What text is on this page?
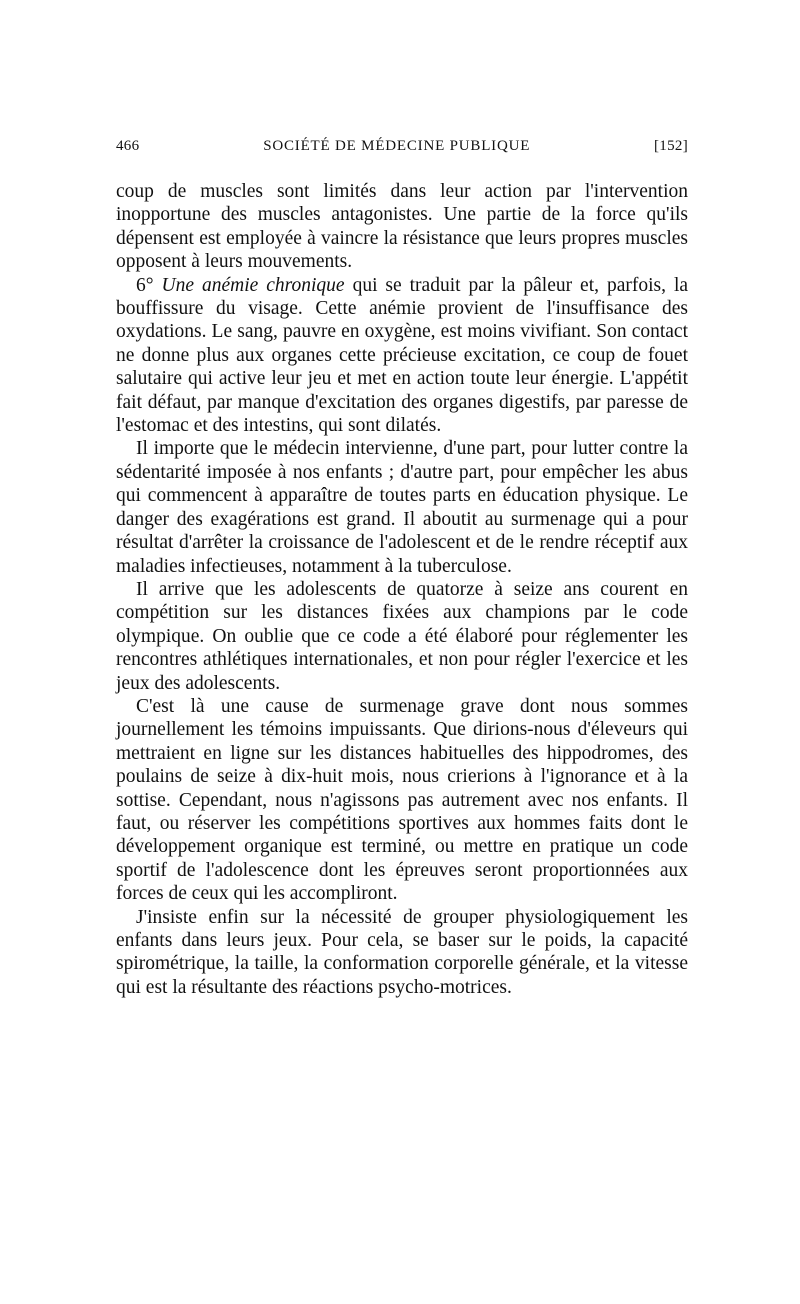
466	SOCIÉTÉ DE MÉDECINE PUBLIQUE	[152]

coup de muscles sont limités dans leur action par l'intervention inopportune des muscles antagonistes. Une partie de la force qu'ils dépensent est employée à vaincre la résistance que leurs propres muscles opposent à leurs mouvements.

6° Une anémie chronique qui se traduit par la pâleur et, parfois, la bouffissure du visage. Cette anémie provient de l'insuffisance des oxydations. Le sang, pauvre en oxygène, est moins vivifiant. Son contact ne donne plus aux organes cette précieuse excitation, ce coup de fouet salutaire qui active leur jeu et met en action toute leur énergie. L'appétit fait défaut, par manque d'excitation des organes digestifs, par paresse de l'estomac et des intestins, qui sont dilatés.

Il importe que le médecin intervienne, d'une part, pour lutter contre la sédentarité imposée à nos enfants ; d'autre part, pour empêcher les abus qui commencent à apparaître de toutes parts en éducation physique. Le danger des exagérations est grand. Il aboutit au surmenage qui a pour résultat d'arrêter la croissance de l'adolescent et de le rendre réceptif aux maladies infectieuses, notamment à la tuberculose.

Il arrive que les adolescents de quatorze à seize ans courent en compétition sur les distances fixées aux champions par le code olympique. On oublie que ce code a été élaboré pour réglementer les rencontres athlétiques internationales, et non pour régler l'exercice et les jeux des adolescents.

C'est là une cause de surmenage grave dont nous sommes journellement les témoins impuissants. Que dirions-nous d'éleveurs qui mettraient en ligne sur les distances habituelles des hippodromes, des poulains de seize à dix-huit mois, nous crierions à l'ignorance et à la sottise. Cependant, nous n'agissons pas autrement avec nos enfants. Il faut, ou réserver les compétitions sportives aux hommes faits dont le développement organique est terminé, ou mettre en pratique un code sportif de l'adolescence dont les épreuves seront proportionnées aux forces de ceux qui les accompliront.

J'insiste enfin sur la nécessité de grouper physiologiquement les enfants dans leurs jeux. Pour cela, se baser sur le poids, la capacité spirométrique, la taille, la conformation corporelle générale, et la vitesse qui est la résultante des réactions psycho-motrices.
